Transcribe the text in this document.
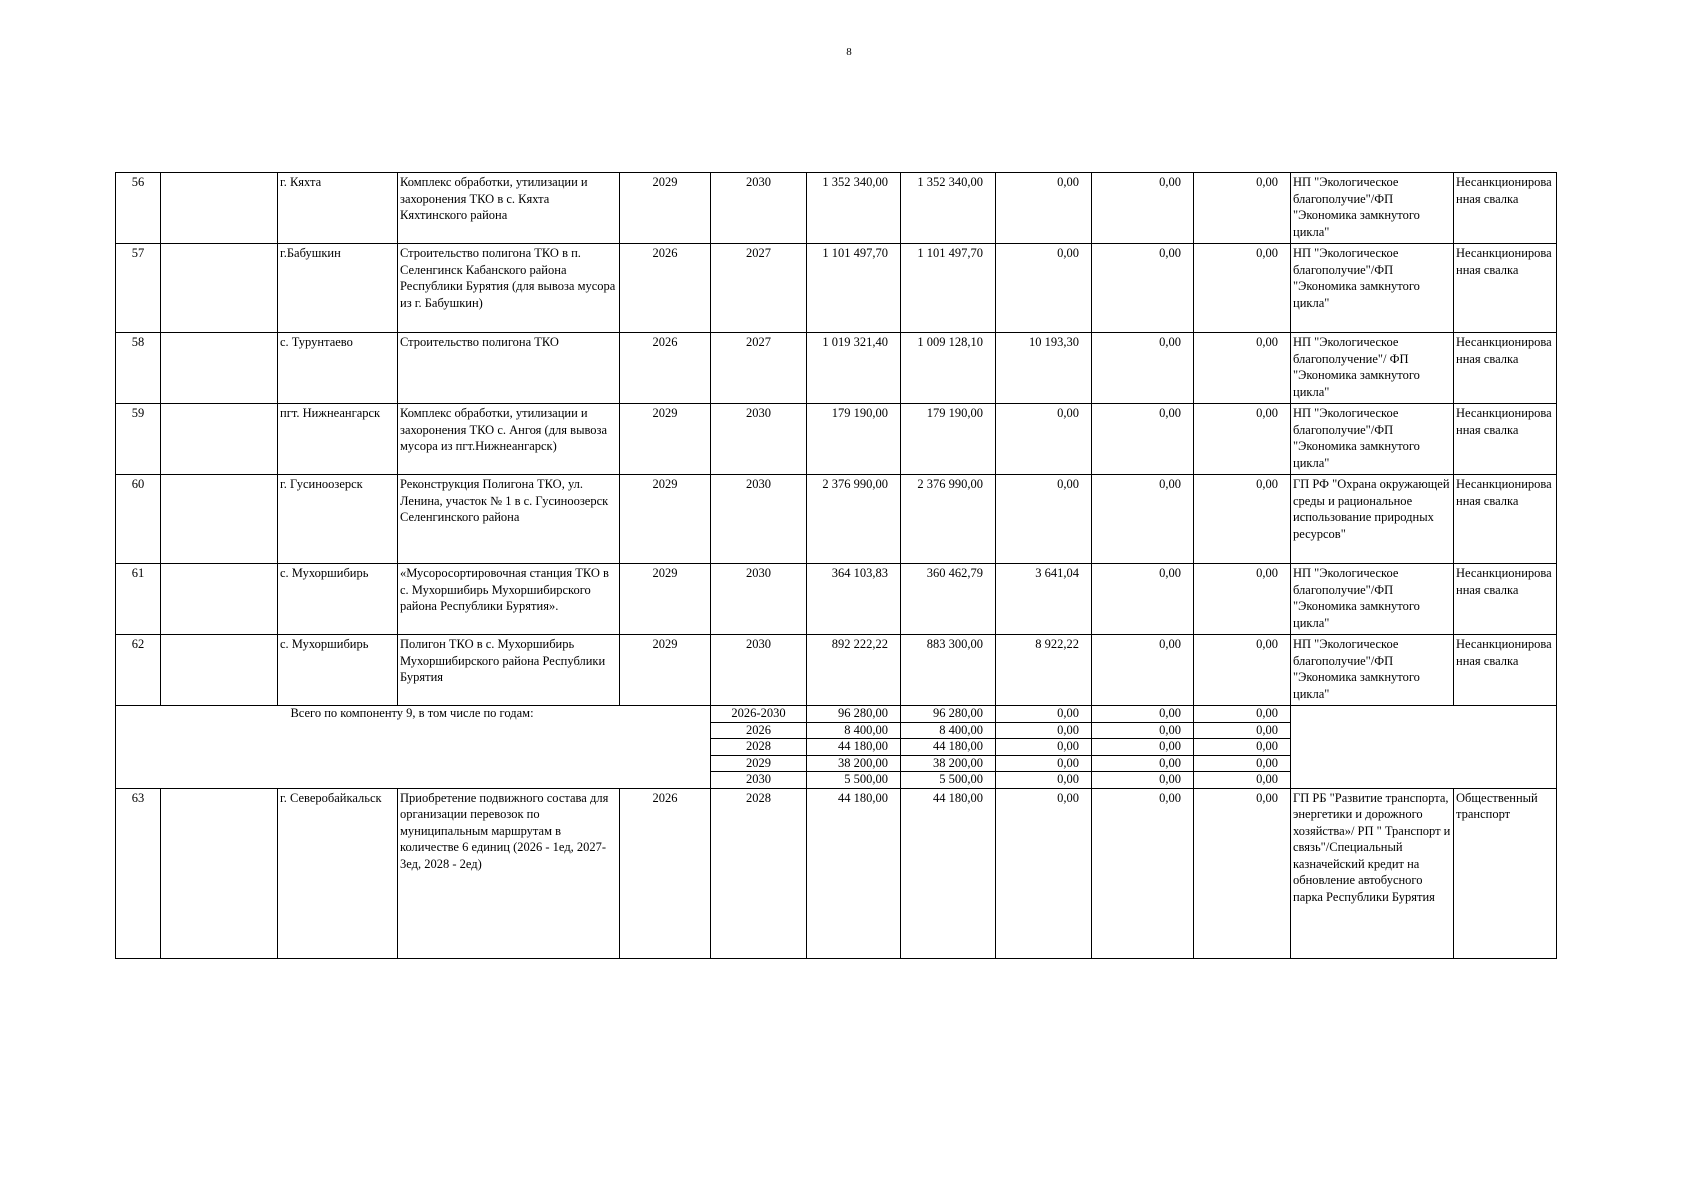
8
56		г. Кяхта	Комплекс обработки, утилизации и захоронения ТКО в с. Кяхта Кяхтинского района	2029	2030	1 352 340,00	1 352 340,00	0,00	0,00	0,00	НП "Экологическое благополучие"/ФП "Экономика замкнутого цикла"	Несанкционированная свалка
57		г.Бабушкин	Строительство полигона ТКО в п. Селенгинск Кабанского района Республики Бурятия (для вывоза мусора из г. Бабушкин)	2026	2027	1 101 497,70	1 101 497,70	0,00	0,00	0,00	НП "Экологическое благополучие"/ФП "Экономика замкнутого цикла"	Несанкционированная свалка
58		с. Турунтаево	Строительство полигона ТКО	2026	2027	1 019 321,40	1 009 128,10	10 193,30	0,00	0,00	НП "Экологическое благополучение"/ ФП "Экономика замкнутого цикла"	Несанкционированная свалка
59		пгт. Нижнеангарск	Комплекс обработки, утилизации и захоронения ТКО с. Ангоя (для вывоза мусора из пгт.Нижнеангарск)	2029	2030	179 190,00	179 190,00	0,00	0,00	0,00	НП "Экологическое благополучие"/ФП "Экономика замкнутого цикла"	Несанкционированная свалка
60		г. Гусиноозерск	Реконструкция Полигона ТКО, ул. Ленина, участок № 1 в с. Гусиноозерск Селенгинского района	2029	2030	2 376 990,00	2 376 990,00	0,00	0,00	0,00	ГП РФ "Охрана окружающей среды и рациональное использование природных ресурсов"	Несанкционированная свалка
61		с. Мухоршибирь	«Мусоросортировочная станция ТКО в с. Мухоршибирь Мухоршибирского района Республики Бурятия».	2029	2030	364 103,83	360 462,79	3 641,04	0,00	0,00	НП "Экологическое благополучие"/ФП "Экономика замкнутого цикла"	Несанкционированная свалка
62		с. Мухоршибирь	Полигон ТКО в с. Мухоршибирь Мухоршибирского района Республики Бурятия	2029	2030	892 222,22	883 300,00	8 922,22	0,00	0,00	НП "Экологическое благополучие"/ФП "Экономика замкнутого цикла"	Несанкционированная свалка
Всего по компоненту 9, в том числе по годам:					2026-2030	96 280,00	96 280,00	0,00	0,00	0,00		
					2026	8 400,00	8 400,00	0,00	0,00	0,00		
					2028	44 180,00	44 180,00	0,00	0,00	0,00		
					2029	38 200,00	38 200,00	0,00	0,00	0,00		
					2030	5 500,00	5 500,00	0,00	0,00	0,00		
63		г. Северобайкальск	Приобретение подвижного состава для организации перевозок по муниципальным маршрутам в количестве 6 единиц (2026 - 1ед, 2027- 3ед, 2028 - 2ед)	2026	2028	44 180,00	44 180,00	0,00	0,00	0,00	ГП РБ "Развитие транспорта, энергетики и дорожного хозяйства»/ РП " Транспорт и связь"/Специальный казначейский кредит на обновление автобусного парка Республики Бурятия	Общественный транспорт
